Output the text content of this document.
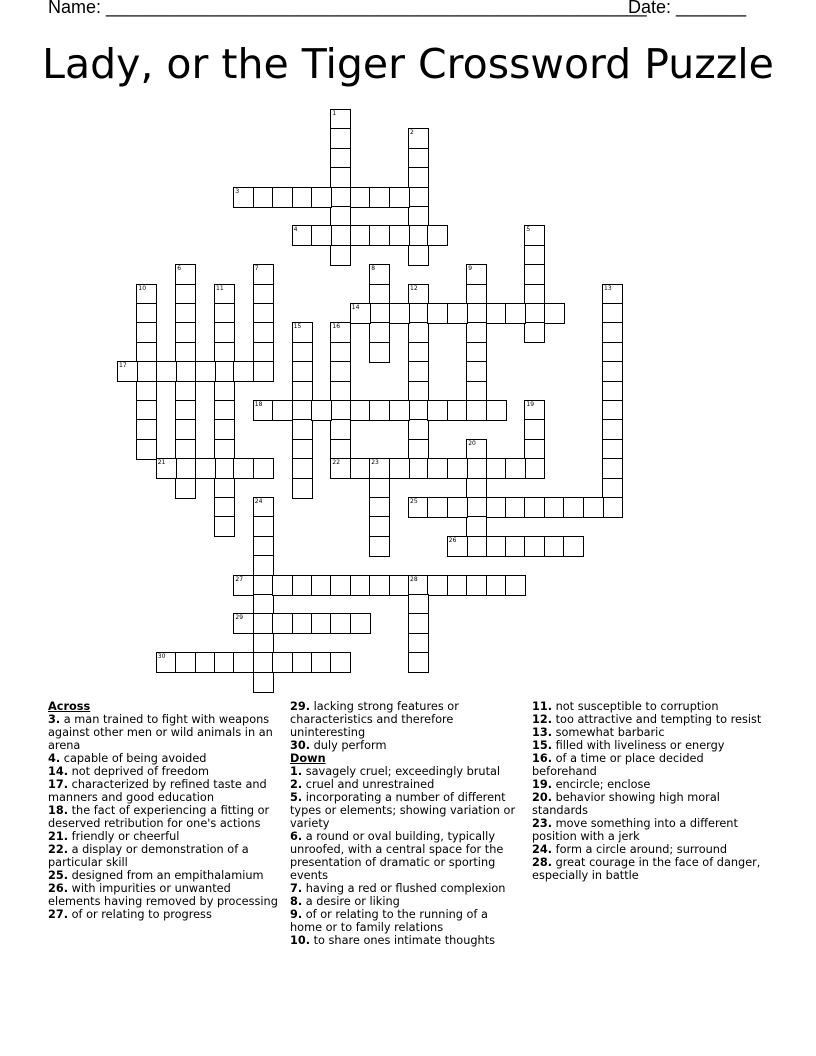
Name: ______________________________________________________
Date: _______
Lady, or the Tiger Crossword Puzzle
1
2
3
4	5
6	7	8	9
10	11	12	13
14
15	16
22
17
18	19
20
21	23
24	25
26
27	28
29
30
Across
3. a man trained to fight with weapons against other men or wild animals in an arena
4. capable of being avoided
14. not deprived of freedom
17. characterized by refined taste and manners and good education
18. the fact of experiencing a fitting or deserved retribution for one's actions
21. friendly or cheerful
22. a display or demonstration of a particular skill
25. designed from an empithalamium
26. with impurities or unwanted elements having removed by processing
27. of or relating to progress
29. lacking strong features or characteristics and therefore uninteresting
30. duly perform
Down
1. savagely cruel; exceedingly brutal
2. cruel and unrestrained
5. incorporating a number of different types or elements; showing variation or variety
6. a round or oval building, typically unroofed, with a central space for the presentation of dramatic or sporting events
7. having a red or flushed complexion
8. a desire or liking
9. of or relating to the running of a home or to family relations
10. to share ones intimate thoughts
11. not susceptible to corruption
12. too attractive and tempting to resist
13. somewhat barbaric
15. filled with liveliness or energy
16. of a time or place decided beforehand
19. encircle; enclose
20. behavior showing high moral standards
23. move something into a different position with a jerk
24. form a circle around; surround
28. great courage in the face of danger, especially in battle
